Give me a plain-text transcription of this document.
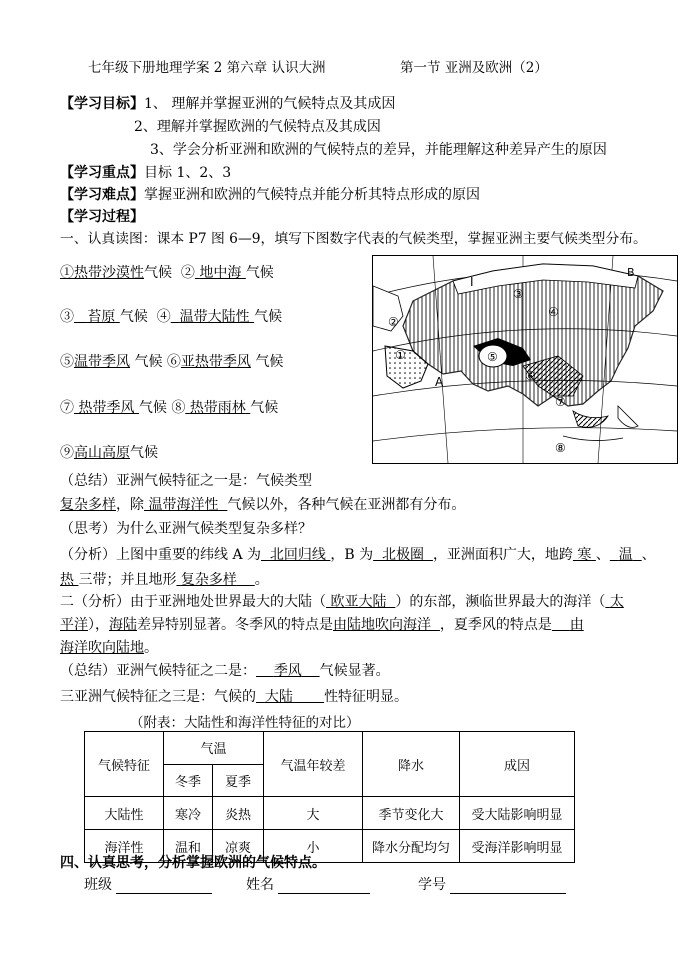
七年级下册地理学案 2 第六章 认识大洲	第一节 亚洲及欧洲（2）
【学习目标】1、 理解并掌握亚洲的气候特点及其成因
2、理解并掌握欧洲的气候特点及其成因
3、学会分析亚洲和欧洲的气候特点的差异，并能理解这种差异产生的原因
【学习重点】目标 1、2、3
【学习难点】掌握亚洲和欧洲的气候特点并能分析其特点形成的原因
【学习过程】
一、认真读图：课本 P7 图 6—9，填写下图数字代表的气候类型，掌握亚洲主要气候类型分布。
①热带沙漠性气候 ② 地中海 气候
③ 苔原 气候 ④ 温带大陆性 气候
⑤温带季风 气候 ⑥亚热带季风 气候
⑦ 热带季风 气候 ⑧ 热带雨林 气候
⑨高山高原气候
I
B
A
①
②
③
④
⑤
⑥
⑦
⑧
（总结）亚洲气候特征之一是：气候类型
复杂多样，除 温带海洋性 气候以外，各种气候在亚洲都有分布。
（思考）为什么亚洲气候类型复杂多样？
（分析）上图中重要的纬线 A 为 北回归线 ，B 为 北极圈 ，亚洲面积广大，地跨 寒 、 温 、
热 三带；并且地形 复杂多样 。
二（分析）由于亚洲地处世界最大的大陆（ 欧亚大陆 ）的东部，濒临世界最大的海洋（ 太
平洋），海陆差异特别显著。冬季风的特点是由陆地吹向海洋 ，夏季风的特点是 由
海洋吹向陆地。
（总结）亚洲气候特征之二是： 季风 气候显著。
三亚洲气候特征之三是：气候的 大陆 性特征明显。
（附表：大陆性和海洋性特征的对比）
气候特征	气温		气温年较差	降水	成因
	冬季	夏季			
大陆性	寒冷	炎热	大	季节变化大	受大陆影响明显
海洋性	温和	凉爽	小	降水分配均匀	受海洋影响明显
四、认真思考，分析掌握欧洲的气候特点。
班级	姓名	学号
